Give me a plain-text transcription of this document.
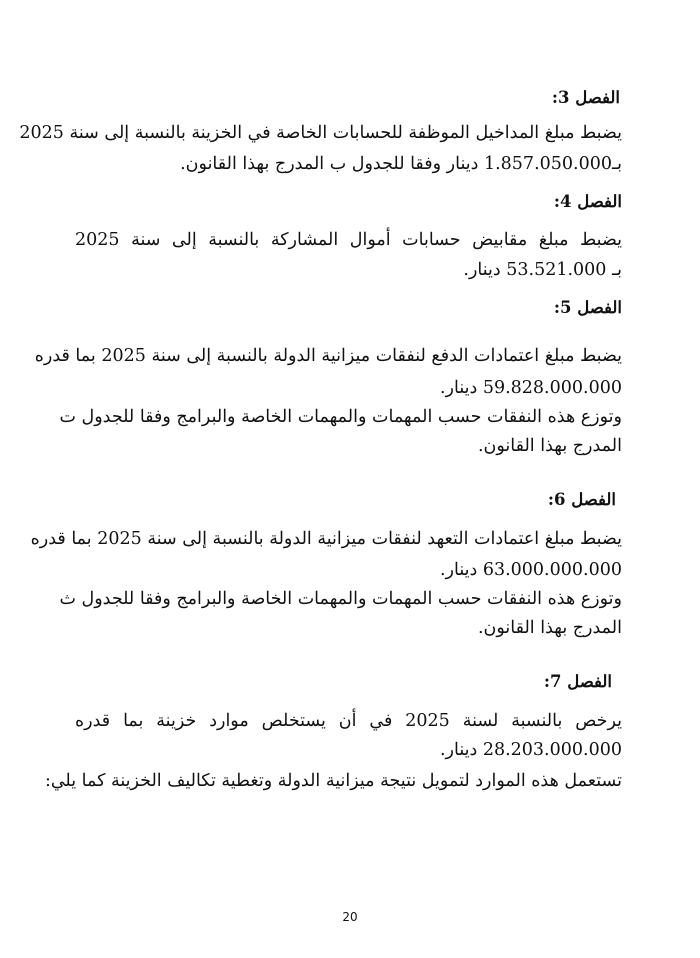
الفصل 3:
يضبط مبلغ المداخيل الموظفة للحسابات الخاصة في الخزينة بالنسبة إلى سنة 2025
بـ1.857.050.000 دينار وفقا للجدول ب المدرج بهذا القانون.
الفصل 4:
يضبط مبلغ مقابيض حسابات أموال المشاركة بالنسبة إلى سنة 2025
بـ 53.521.000 دينار.
الفصل 5:
يضبط مبلغ اعتمادات الدفع لنفقات ميزانية الدولة بالنسبة إلى سنة 2025 بما قدره
59.828.000.000 دينار.
وتوزع هذه النفقات حسب المهمات والمهمات الخاصة والبرامج وفقا للجدول ت
المدرج بهذا القانون.
الفصل 6:
يضبط مبلغ اعتمادات التعهد لنفقات ميزانية الدولة بالنسبة إلى سنة 2025 بما قدره
63.000.000.000 دينار.
وتوزع هذه النفقات حسب المهمات والمهمات الخاصة والبرامج وفقا للجدول ث
المدرج بهذا القانون.
الفصل 7:
يرخص بالنسبة لسنة 2025 في أن يستخلص موارد خزينة بما قدره
28.203.000.000 دينار.
تستعمل هذه الموارد لتمويل نتيجة ميزانية الدولة وتغطية تكاليف الخزينة كما يلي:
20
